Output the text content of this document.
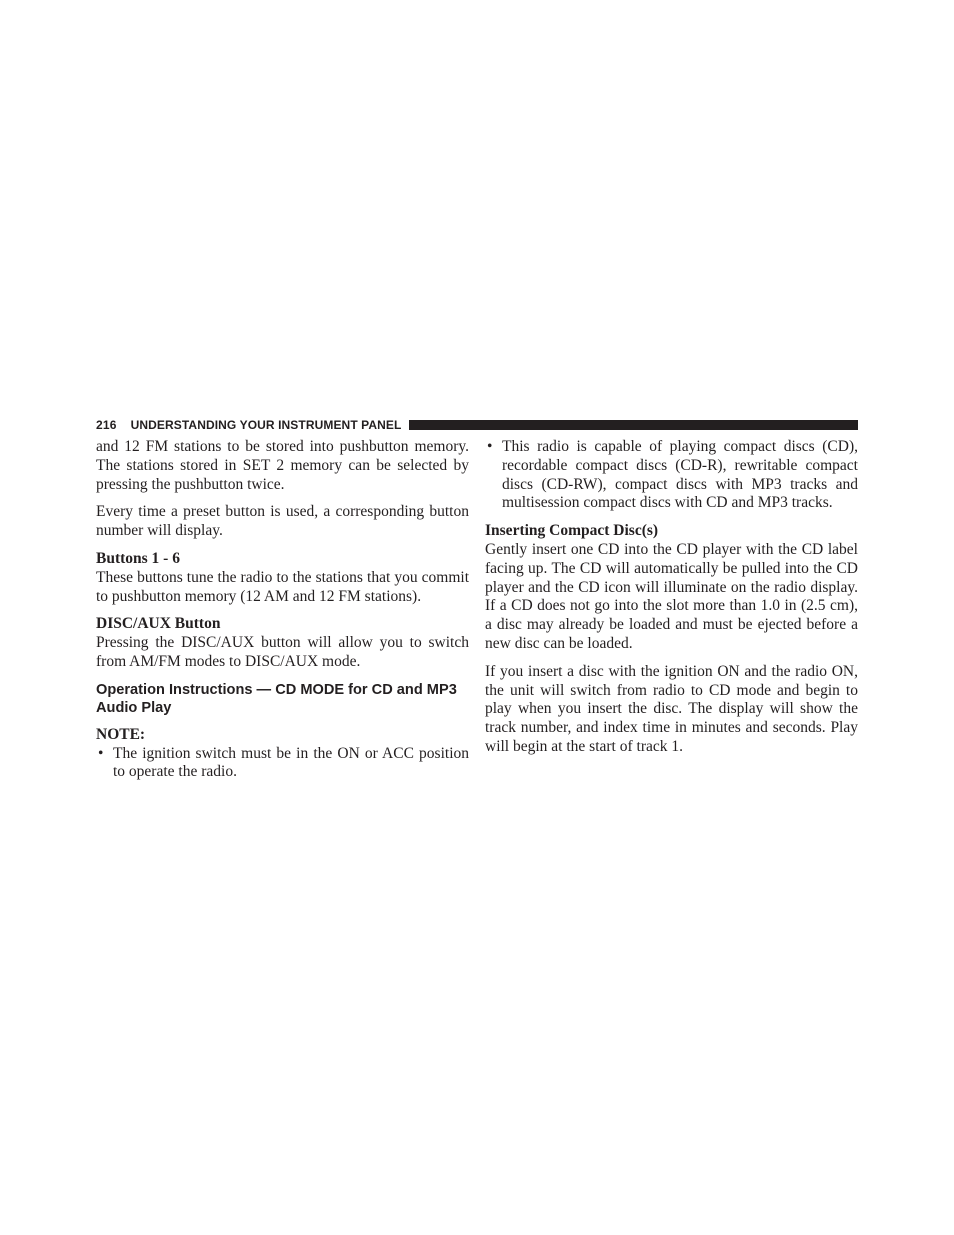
216 UNDERSTANDING YOUR INSTRUMENT PANEL

and 12 FM stations to be stored into pushbutton memory. The stations stored in SET 2 memory can be selected by pressing the pushbutton twice.

Every time a preset button is used, a corresponding button number will display.

Buttons 1 - 6

These buttons tune the radio to the stations that you commit to pushbutton memory (12 AM and 12 FM stations).

DISC/AUX Button

Pressing the DISC/AUX button will allow you to switch from AM/FM modes to DISC/AUX mode.

Operation Instructions — CD MODE for CD and MP3 Audio Play
NOTE:
• The ignition switch must be in the ON or ACC position to operate the radio.
• This radio is capable of playing compact discs (CD), recordable compact discs (CD-R), rewritable compact discs (CD-RW), compact discs with MP3 tracks and multisession compact discs with CD and MP3 tracks.
Inserting Compact Disc(s)

Gently insert one CD into the CD player with the CD label facing up. The CD will automatically be pulled into the CD player and the CD icon will illuminate on the radio display. If a CD does not go into the slot more than 1.0 in (2.5 cm), a disc may already be loaded and must be ejected before a new disc can be loaded.

If you insert a disc with the ignition ON and the radio ON, the unit will switch from radio to CD mode and begin to play when you insert the disc. The display will show the track number, and index time in minutes and seconds. Play will begin at the start of track 1.
